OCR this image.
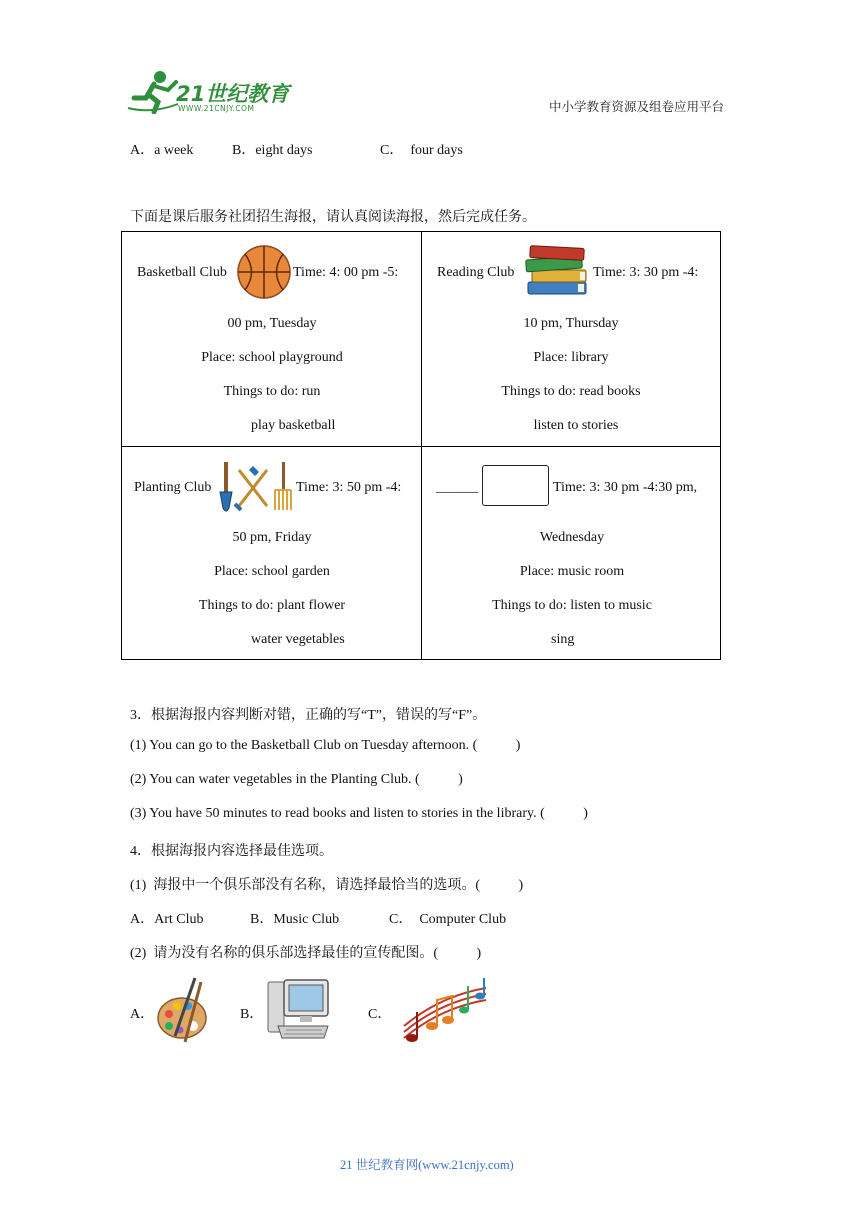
21世纪教育
WWW.21CNJY.COM	中小学教育资源及组卷应用平台
A．a week	B．eight days	C． four days
下面是课后服务社团招生海报，请认真阅读海报，然后完成任务。
Basketball Club	Time: 4: 00 pm -5:
00 pm, Tuesday
Place: school playground
Things to do: run
play basketball
Reading Club	Time: 3: 30 pm -4:
10 pm, Thursday
Place: library
Things to do: read books
listen to stories
Planting Club	Time: 3: 50 pm -4:
50 pm, Friday
Place: school garden
Things to do: plant flower
water vegetables
______	Time: 3: 30 pm -4:30 pm,
Wednesday
Place: music room
Things to do: listen to music
sing
3．根据海报内容判断对错，正确的写“T”，错误的写“F”。
(1) You can go to the Basketball Club on Tuesday afternoon. (           )
(2) You can water vegetables in the Planting Club. (           )
(3) You have 50 minutes to read books and listen to stories in the library. (           )
4．根据海报内容选择最佳选项。
(1)  海报中一个俱乐部没有名称，请选择最恰当的选项。(           )
A．Art Club	B．Music Club	C． Computer Club
(2)  请为没有名称的俱乐部选择最佳的宣传配图。(           )
A．	B．	C．
21 世纪教育网(www.21cnjy.com)
